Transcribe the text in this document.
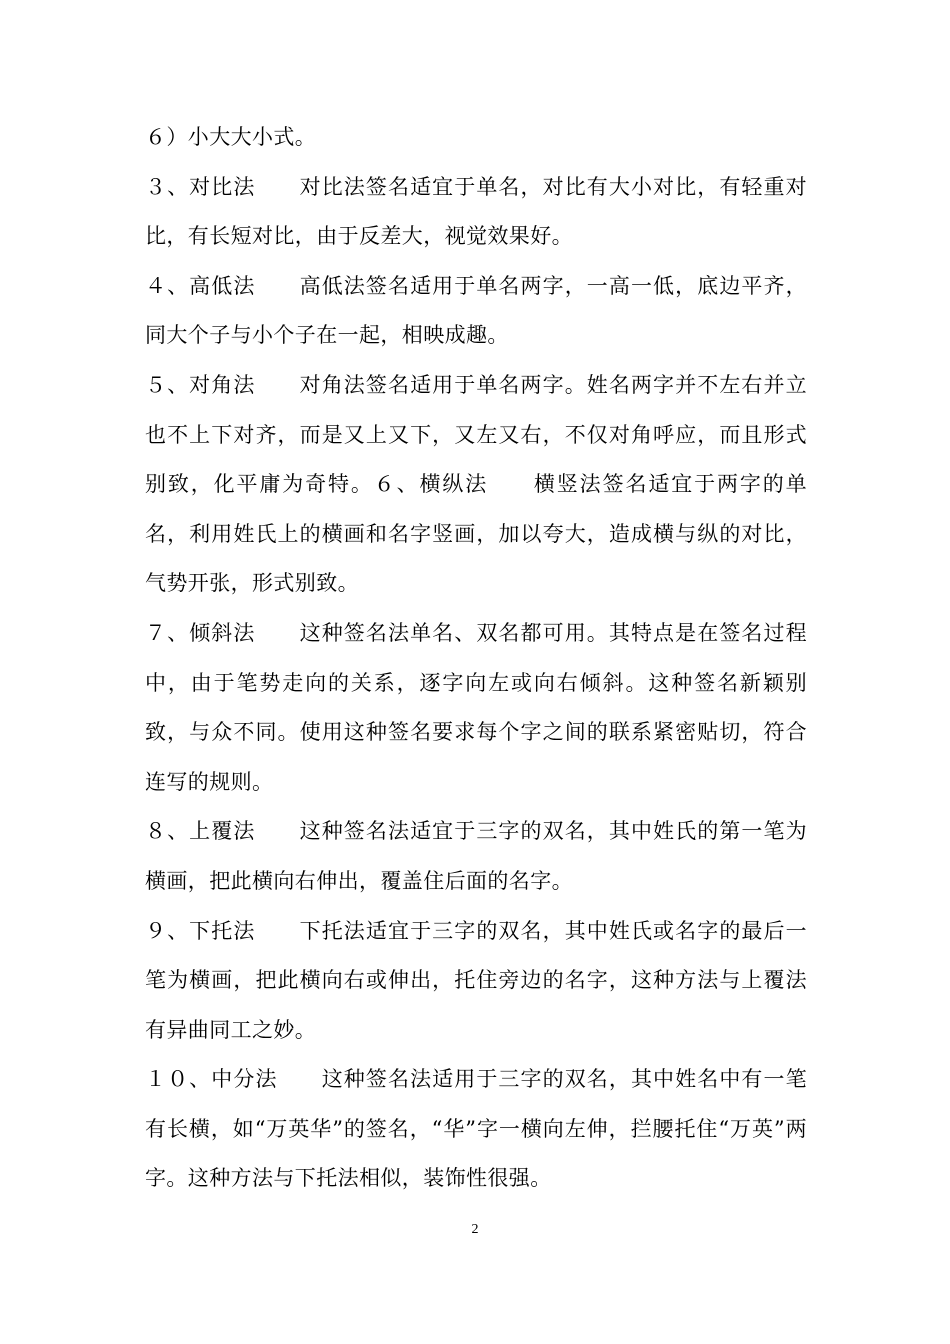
６）小大大小式。

３、对比法　　对比法签名适宜于单名，对比有大小对比，有轻重对比，有长短对比，由于反差大，视觉效果好。

４、高低法　　高低法签名适用于单名两字，一高一低，底边平齐，同大个子与小个子在一起，相映成趣。

５、对角法　　对角法签名适用于单名两字。姓名两字并不左右并立也不上下对齐，而是又上又下，又左又右，不仅对角呼应，而且形式别致，化平庸为奇特。６、横纵法　　横竖法签名适宜于两字的单名，利用姓氏上的横画和名字竖画，加以夸大，造成横与纵的对比，气势开张，形式别致。

７、倾斜法　　这种签名法单名、双名都可用。其特点是在签名过程中，由于笔势走向的关系，逐字向左或向右倾斜。这种签名新颖别致，与众不同。使用这种签名要求每个字之间的联系紧密贴切，符合连写的规则。

８、上覆法　　这种签名法适宜于三字的双名，其中姓氏的第一笔为横画，把此横向右伸出，覆盖住后面的名字。

９、下托法　　下托法适宜于三字的双名，其中姓氏或名字的最后一笔为横画，把此横向右或伸出，托住旁边的名字，这种方法与上覆法有异曲同工之妙。

１０、中分法　　这种签名法适用于三字的双名，其中姓名中有一笔有长横，如“万英华”的签名，“华”字一横向左伸，拦腰托住“万英”两字。这种方法与下托法相似，装饰性很强。

2
